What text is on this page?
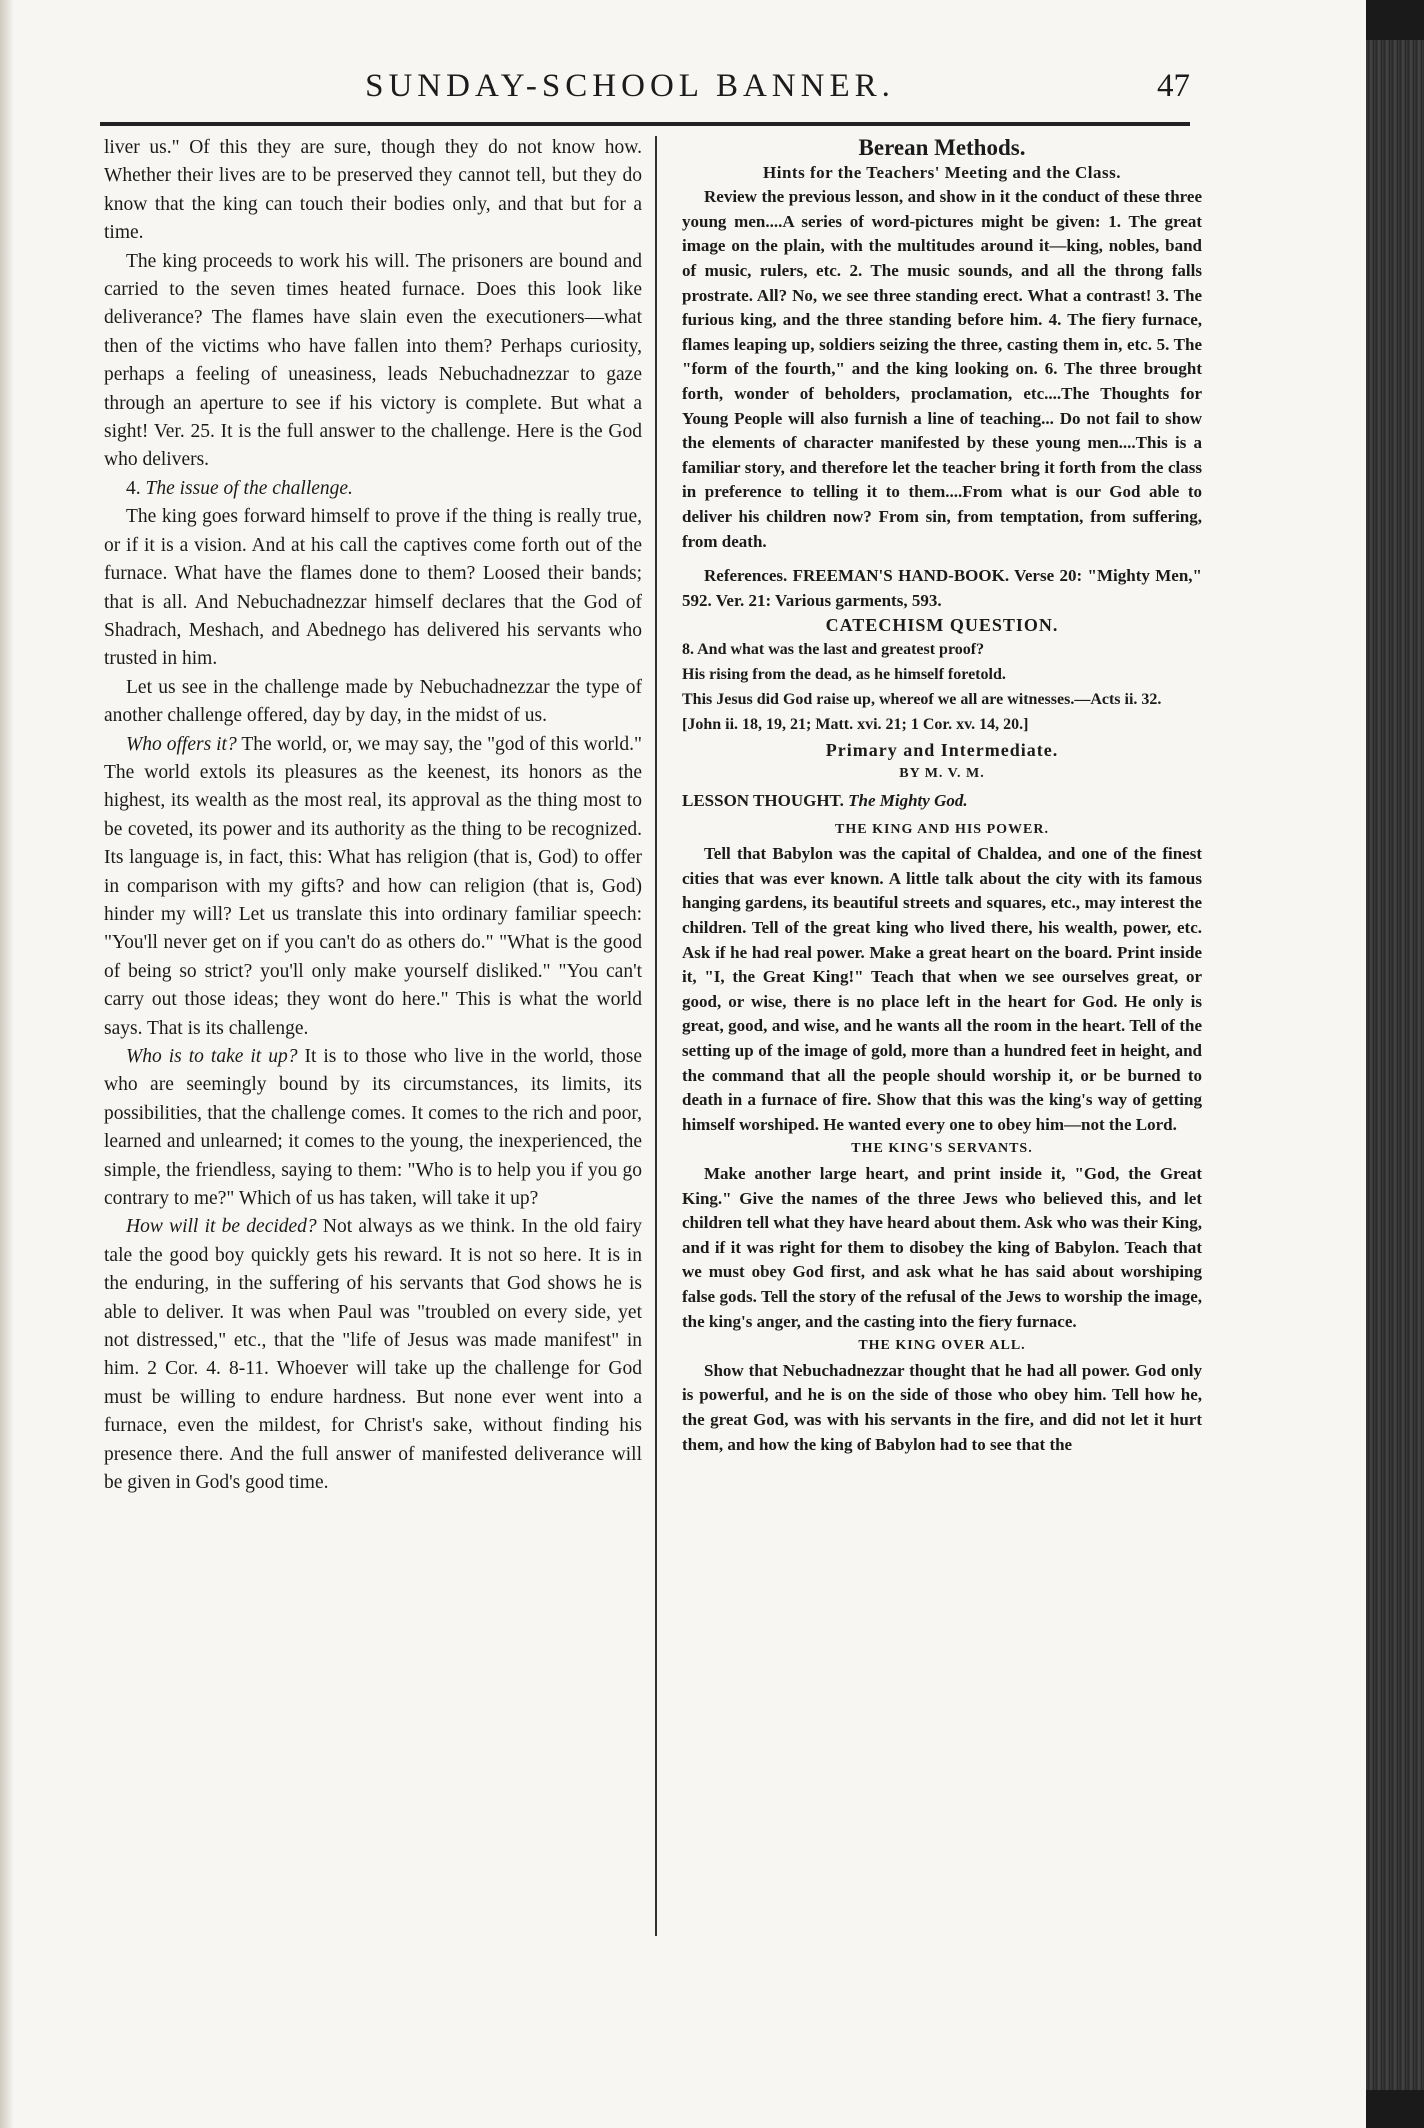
SUNDAY-SCHOOL BANNER.	47

liver us." Of this they are sure, though they do not know how. Whether their lives are to be preserved they cannot tell, but they do know that the king can touch their bodies only, and that but for a time.

The king proceeds to work his will. The prisoners are bound and carried to the seven times heated furnace. Does this look like deliverance? The flames have slain even the executioners—what then of the victims who have fallen into them? Perhaps curiosity, perhaps a feeling of uneasiness, leads Nebuchadnezzar to gaze through an aperture to see if his victory is complete. But what a sight! Ver. 25. It is the full answer to the challenge. Here is the God who delivers.

4. The issue of the challenge.

The king goes forward himself to prove if the thing is really true, or if it is a vision. And at his call the captives come forth out of the furnace. What have the flames done to them? Loosed their bands; that is all. And Nebuchadnezzar himself declares that the God of Shadrach, Meshach, and Abednego has delivered his servants who trusted in him.

Let us see in the challenge made by Nebuchadnezzar the type of another challenge offered, day by day, in the midst of us.

Who offers it? The world, or, we may say, the "god of this world." The world extols its pleasures as the keenest, its honors as the highest, its wealth as the most real, its approval as the thing most to be coveted, its power and its authority as the thing to be recognized. Its language is, in fact, this: What has religion (that is, God) to offer in comparison with my gifts? and how can religion (that is, God) hinder my will? Let us translate this into ordinary familiar speech: "You'll never get on if you can't do as others do." "What is the good of being so strict? you'll only make yourself disliked." "You can't carry out those ideas; they wont do here." This is what the world says. That is its challenge.

Who is to take it up? It is to those who live in the world, those who are seemingly bound by its circumstances, its limits, its possibilities, that the challenge comes. It comes to the rich and poor, learned and unlearned; it comes to the young, the inexperienced, the simple, the friendless, saying to them: "Who is to help you if you go contrary to me?" Which of us has taken, will take it up?

How will it be decided? Not always as we think. In the old fairy tale the good boy quickly gets his reward. It is not so here. It is in the enduring, in the suffering of his servants that God shows he is able to deliver. It was when Paul was "troubled on every side, yet not distressed," etc., that the "life of Jesus was made manifest" in him. 2 Cor. 4. 8-11. Whoever will take up the challenge for God must be willing to endure hardness. But none ever went into a furnace, even the mildest, for Christ's sake, without finding his presence there. And the full answer of manifested deliverance will be given in God's good time.

Berean Methods.

Hints for the Teachers' Meeting and the Class.

Review the previous lesson, and show in it the conduct of these three young men....A series of word-pictures might be given: 1. The great image on the plain, with the multitudes around it—king, nobles, band of music, rulers, etc. 2. The music sounds, and all the throng falls prostrate. All? No, we see three standing erect. What a contrast! 3. The furious king, and the three standing before him. 4. The fiery furnace, flames leaping up, soldiers seizing the three, casting them in, etc. 5. The "form of the fourth," and the king looking on. 6. The three brought forth, wonder of beholders, proclamation, etc....The Thoughts for Young People will also furnish a line of teaching... Do not fail to show the elements of character manifested by these young men....This is a familiar story, and therefore let the teacher bring it forth from the class in preference to telling it to them....From what is our God able to deliver his children now? From sin, from temptation, from suffering, from death.

References. FREEMAN'S HAND-BOOK. Verse 20: "Mighty Men," 592. Ver. 21: Various garments, 593.

CATECHISM QUESTION.

8. And what was the last and greatest proof?

His rising from the dead, as he himself foretold.

This Jesus did God raise up, whereof we all are witnesses.—Acts ii. 32.

[John ii. 18, 19, 21; Matt. xvi. 21; 1 Cor. xv. 14, 20.]

Primary and Intermediate.

BY M. V. M.

LESSON THOUGHT. The Mighty God.

THE KING AND HIS POWER.

Tell that Babylon was the capital of Chaldea, and one of the finest cities that was ever known. A little talk about the city with its famous hanging gardens, its beautiful streets and squares, etc., may interest the children. Tell of the great king who lived there, his wealth, power, etc. Ask if he had real power. Make a great heart on the board. Print inside it, "I, the Great King!" Teach that when we see ourselves great, or good, or wise, there is no place left in the heart for God. He only is great, good, and wise, and he wants all the room in the heart. Tell of the setting up of the image of gold, more than a hundred feet in height, and the command that all the people should worship it, or be burned to death in a furnace of fire. Show that this was the king's way of getting himself worshiped. He wanted every one to obey him—not the Lord.

THE KING'S SERVANTS.

Make another large heart, and print inside it, "God, the Great King." Give the names of the three Jews who believed this, and let children tell what they have heard about them. Ask who was their King, and if it was right for them to disobey the king of Babylon. Teach that we must obey God first, and ask what he has said about worshiping false gods. Tell the story of the refusal of the Jews to worship the image, the king's anger, and the casting into the fiery furnace.

THE KING OVER ALL.

Show that Nebuchadnezzar thought that he had all power. God only is powerful, and he is on the side of those who obey him. Tell how he, the great God, was with his servants in the fire, and did not let it hurt them, and how the king of Babylon had to see that the
